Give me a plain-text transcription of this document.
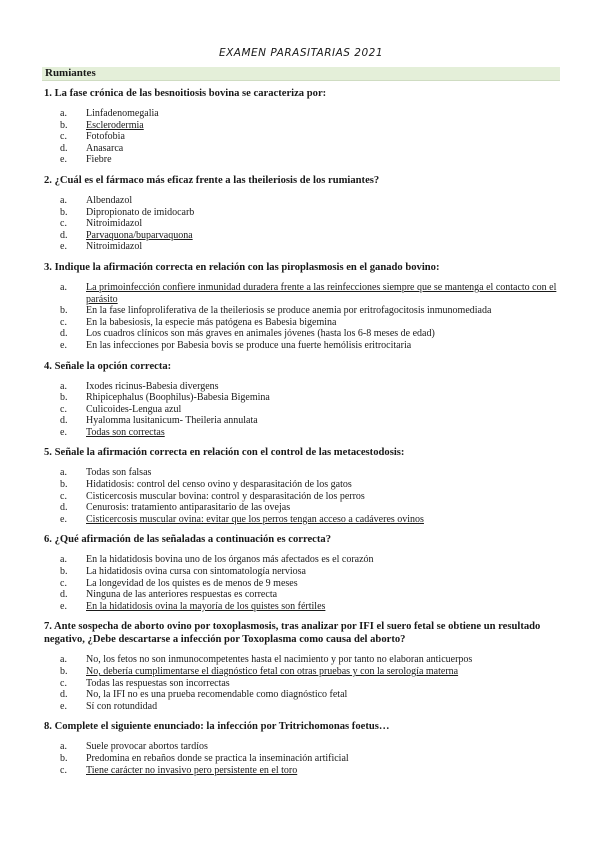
EXAMEN PARASITARIAS 2021
Rumiantes
1. La fase crónica de las besnoitiosis bovina se caracteriza por:
a.	Linfadenomegalia
b.	Esclerodermia
c.	Fotofobia
d.	Anasarca
e.	Fiebre
2. ¿Cuál es el fármaco más eficaz frente a las theileriosis de los rumiantes?
a.	Albendazol
b.	Dipropionato de imidocarb
c.	Nitroimidazol
d.	Parvaquona/buparvaquona
e.	Nitroimidazol
3. Indique la afirmación correcta en relación con las piroplasmosis en el ganado bovino:
a.	La primoinfección confiere inmunidad duradera frente a las reinfecciones siempre que se mantenga el contacto con el parásito
b.	En la fase linfoproliferativa de la theileriosis se produce anemia por eritrofagocitosis inmunomediada
c.	En la babesiosis, la especie más patógena es Babesia bigemina
d.	Los cuadros clínicos son más graves en animales jóvenes (hasta los 6-8 meses de edad)
e.	En las infecciones por Babesia bovis se produce una fuerte hemólisis eritrocitaria
4. Señale la opción correcta:
a.	Ixodes ricinus-Babesia divergens
b.	Rhipicephalus (Boophilus)-Babesia Bigemina
c.	Culicoides-Lengua azul
d.	Hyalomma lusitanicum- Theileria annulata
e.	Todas son correctas
5. Señale la afirmación correcta en relación con el control de las metacestodosis:
a.	Todas son falsas
b.	Hidatidosis: control del censo ovino y desparasitación de los gatos
c.	Cisticercosis muscular bovina: control y desparasitación de los perros
d.	Cenurosis: tratamiento antiparasitario de las ovejas
e.	Cisticercosis muscular ovina: evitar que los perros tengan acceso a cadáveres ovinos
6. ¿Qué afirmación de las señaladas a continuación es correcta?
a.	En la hidatidosis bovina uno de los órganos más afectados es el corazón
b.	La hidatidosis ovina cursa con sintomatología nerviosa
c.	La longevidad de los quistes es de menos de 9 meses
d.	Ninguna de las anteriores respuestas es correcta
e.	En la hidatidosis ovina la mayoría de los quistes son fértiles
7. Ante sospecha de aborto ovino por toxoplasmosis, tras analizar por IFI el suero fetal se obtiene un resultado negativo, ¿Debe descartarse a infección por Toxoplasma como causa del aborto?
a.	No, los fetos no son inmunocompetentes hasta el nacimiento y por tanto no elaboran anticuerpos
b.	No, debería cumplimentarse el diagnóstico fetal con otras pruebas y con la serología materna
c.	Todas las respuestas son incorrectas
d.	No, la IFI no es una prueba recomendable como diagnóstico fetal
e.	Sí con rotundidad
8. Complete el siguiente enunciado: la infección por Tritrichomonas foetus…
a.	Suele provocar abortos tardíos
b.	Predomina en rebaños donde se practica la inseminación artificial
c.	Tiene carácter no invasivo pero persistente en el toro
